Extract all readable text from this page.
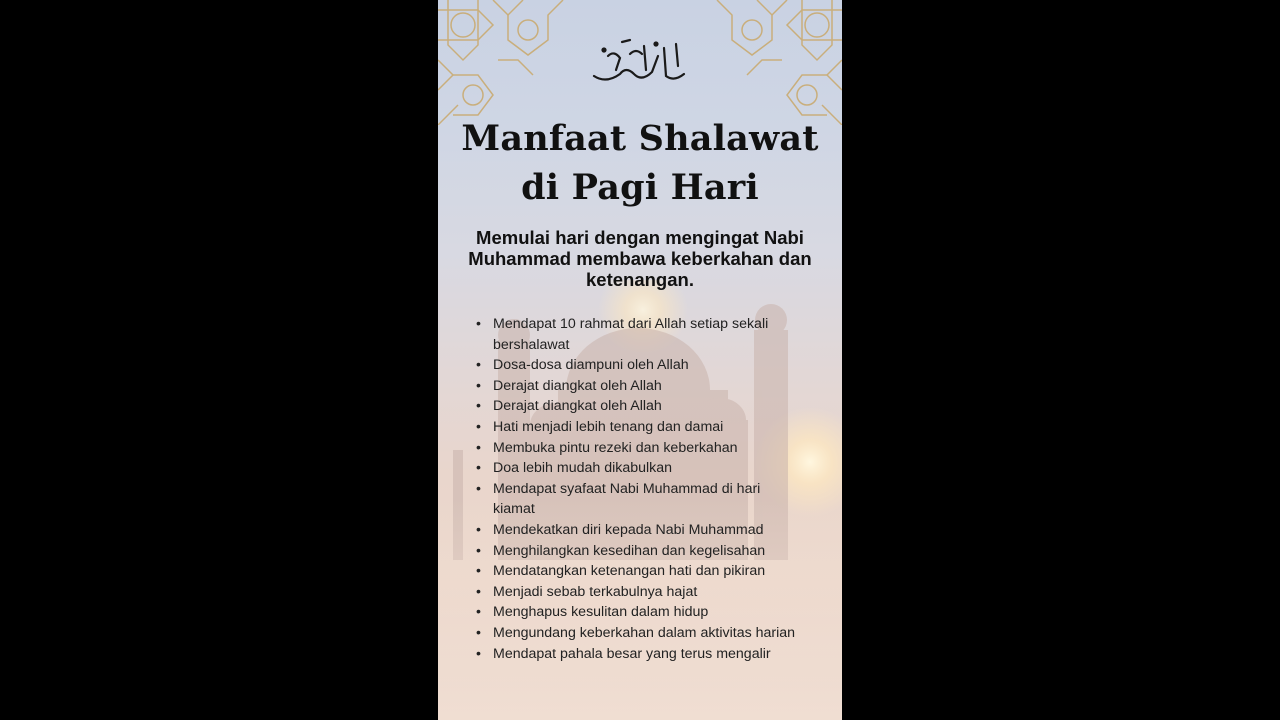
Manfaat Shalawat
di Pagi Hari
Memulai hari dengan mengingat Nabi Muhammad membawa keberkahan dan ketenangan.
• Mendapat 10 rahmat dari Allah setiap sekali bershalawat
• Dosa-dosa diampuni oleh Allah
• Derajat diangkat oleh Allah
• Derajat diangkat oleh Allah
• Hati menjadi lebih tenang dan damai
• Membuka pintu rezeki dan keberkahan
• Doa lebih mudah dikabulkan
• Mendapat syafaat Nabi Muhammad di hari kiamat
• Mendekatkan diri kepada Nabi Muhammad
• Menghilangkan kesedihan dan kegelisahan
• Mendatangkan ketenangan hati dan pikiran
• Menjadi sebab terkabulnya hajat
• Menghapus kesulitan dalam hidup
• Mengundang keberkahan dalam aktivitas harian
• Mendapat pahala besar yang terus mengalir
